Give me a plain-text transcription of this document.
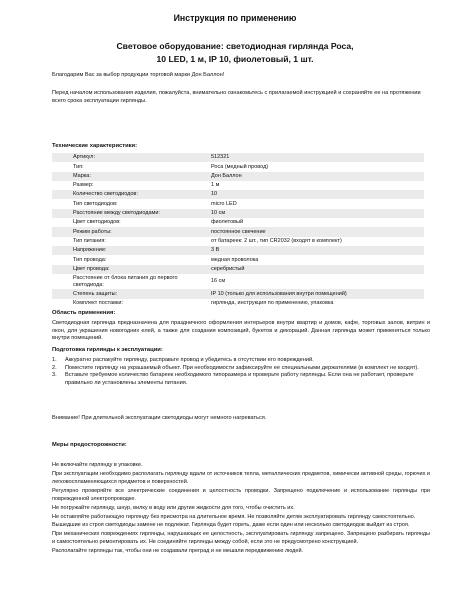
Инструкция по применению
Световое оборудование: светодиодная гирлянда Роса,
10 LED, 1 м, IP 10, фиолетовый, 1 шт.
Благодарим Вас за выбор продукции торговой марки Дон Баллон!
Перед началом использования изделия, пожалуйста, внимательно ознакомьтесь с прилагаемой инструкцией и сохраняйте ее на протяжении всего срока эксплуатации гирлянды.
Технические характеристики:
Артикул:	512321
Тип:	Роса (медный провод)
Марка:	Дон Баллон
Размер:	1 м
Количество светодиодов:	10
Тип светодиодов:	micro LED
Расстояние между светодиодами:	10 см
Цвет светодиодов:	фиолетовый
Режим работы:	постоянное свечение
Тип питания:	от батареек: 2 шт., тип CR2032 (входят в комплект)
Напряжение:	3 В
Тип провода:	медная проволока
Цвет провода:	серебристый
Расстояние от блока питания до первого светодиода:	16 см
Степень защиты:	IP 10 (только для использования внутри помещений)
Комплект поставки:	гирлянда, инструкция по применению, упаковка
Область применения:
Светодиодная гирлянда предназначена для праздничного оформления интерьеров внутри квартир и домов, кафе, торговых залов, витрин и окон, для украшения новогодних елей, а также для создания композиций, букетов и декораций. Данная гирлянда может применяться только внутри помещений.
Подготовка гирлянды к эксплуатации:
1. Аккуратно распакуйте гирлянду, расправьте провод и убедитесь в отсутствии его повреждений.
2. Поместите гирлянду на украшаемый объект. При необходимости зафиксируйте ее специальными держателями (в комплект не входят).
3. Вставьте требуемое количество батареек необходимого типоразмера и проверьте работу гирлянды. Если она не работает, проверьте правильно ли установлены элементы питания.
Внимание! При длительной эксплуатации светодиоды могут немного нагреваться.
Меры предосторожности:
Не включайте гирлянду в упаковке.
При эксплуатации необходимо располагать гирлянду вдали от источников тепла, металлических предметов, химически активной среды, горючих и легковоспламеняющихся предметов и поверхностей.
Регулярно проверяйте все электрические соединения и целостность проводки. Запрещено подключение и использование гирлянды при поврежденной электропроводке.
Не погружайте гирлянду, шнур, вилку в воду или другие жидкости для того, чтобы очистить их.
Не оставляйте работающую гирлянду без присмотра на длительное время. Не позволяйте детям эксплуатировать гирлянду самостоятельно.
Вышедшие из строя светодиоды замене не подлежат. Гирлянда будет гореть, даже если один или несколько светодиодов выйдет из строя.
При механических повреждениях гирлянды, нарушающих ее целостность, эксплуатировать гирлянду запрещено. Запрещено разбирать гирлянды и самостоятельно ремонтировать их. Не соединяйте гирлянды между собой, если это не предусмотрено конструкцией.
Располагайте гирлянды так, чтобы они не создавали преград и не мешали передвижению людей.
